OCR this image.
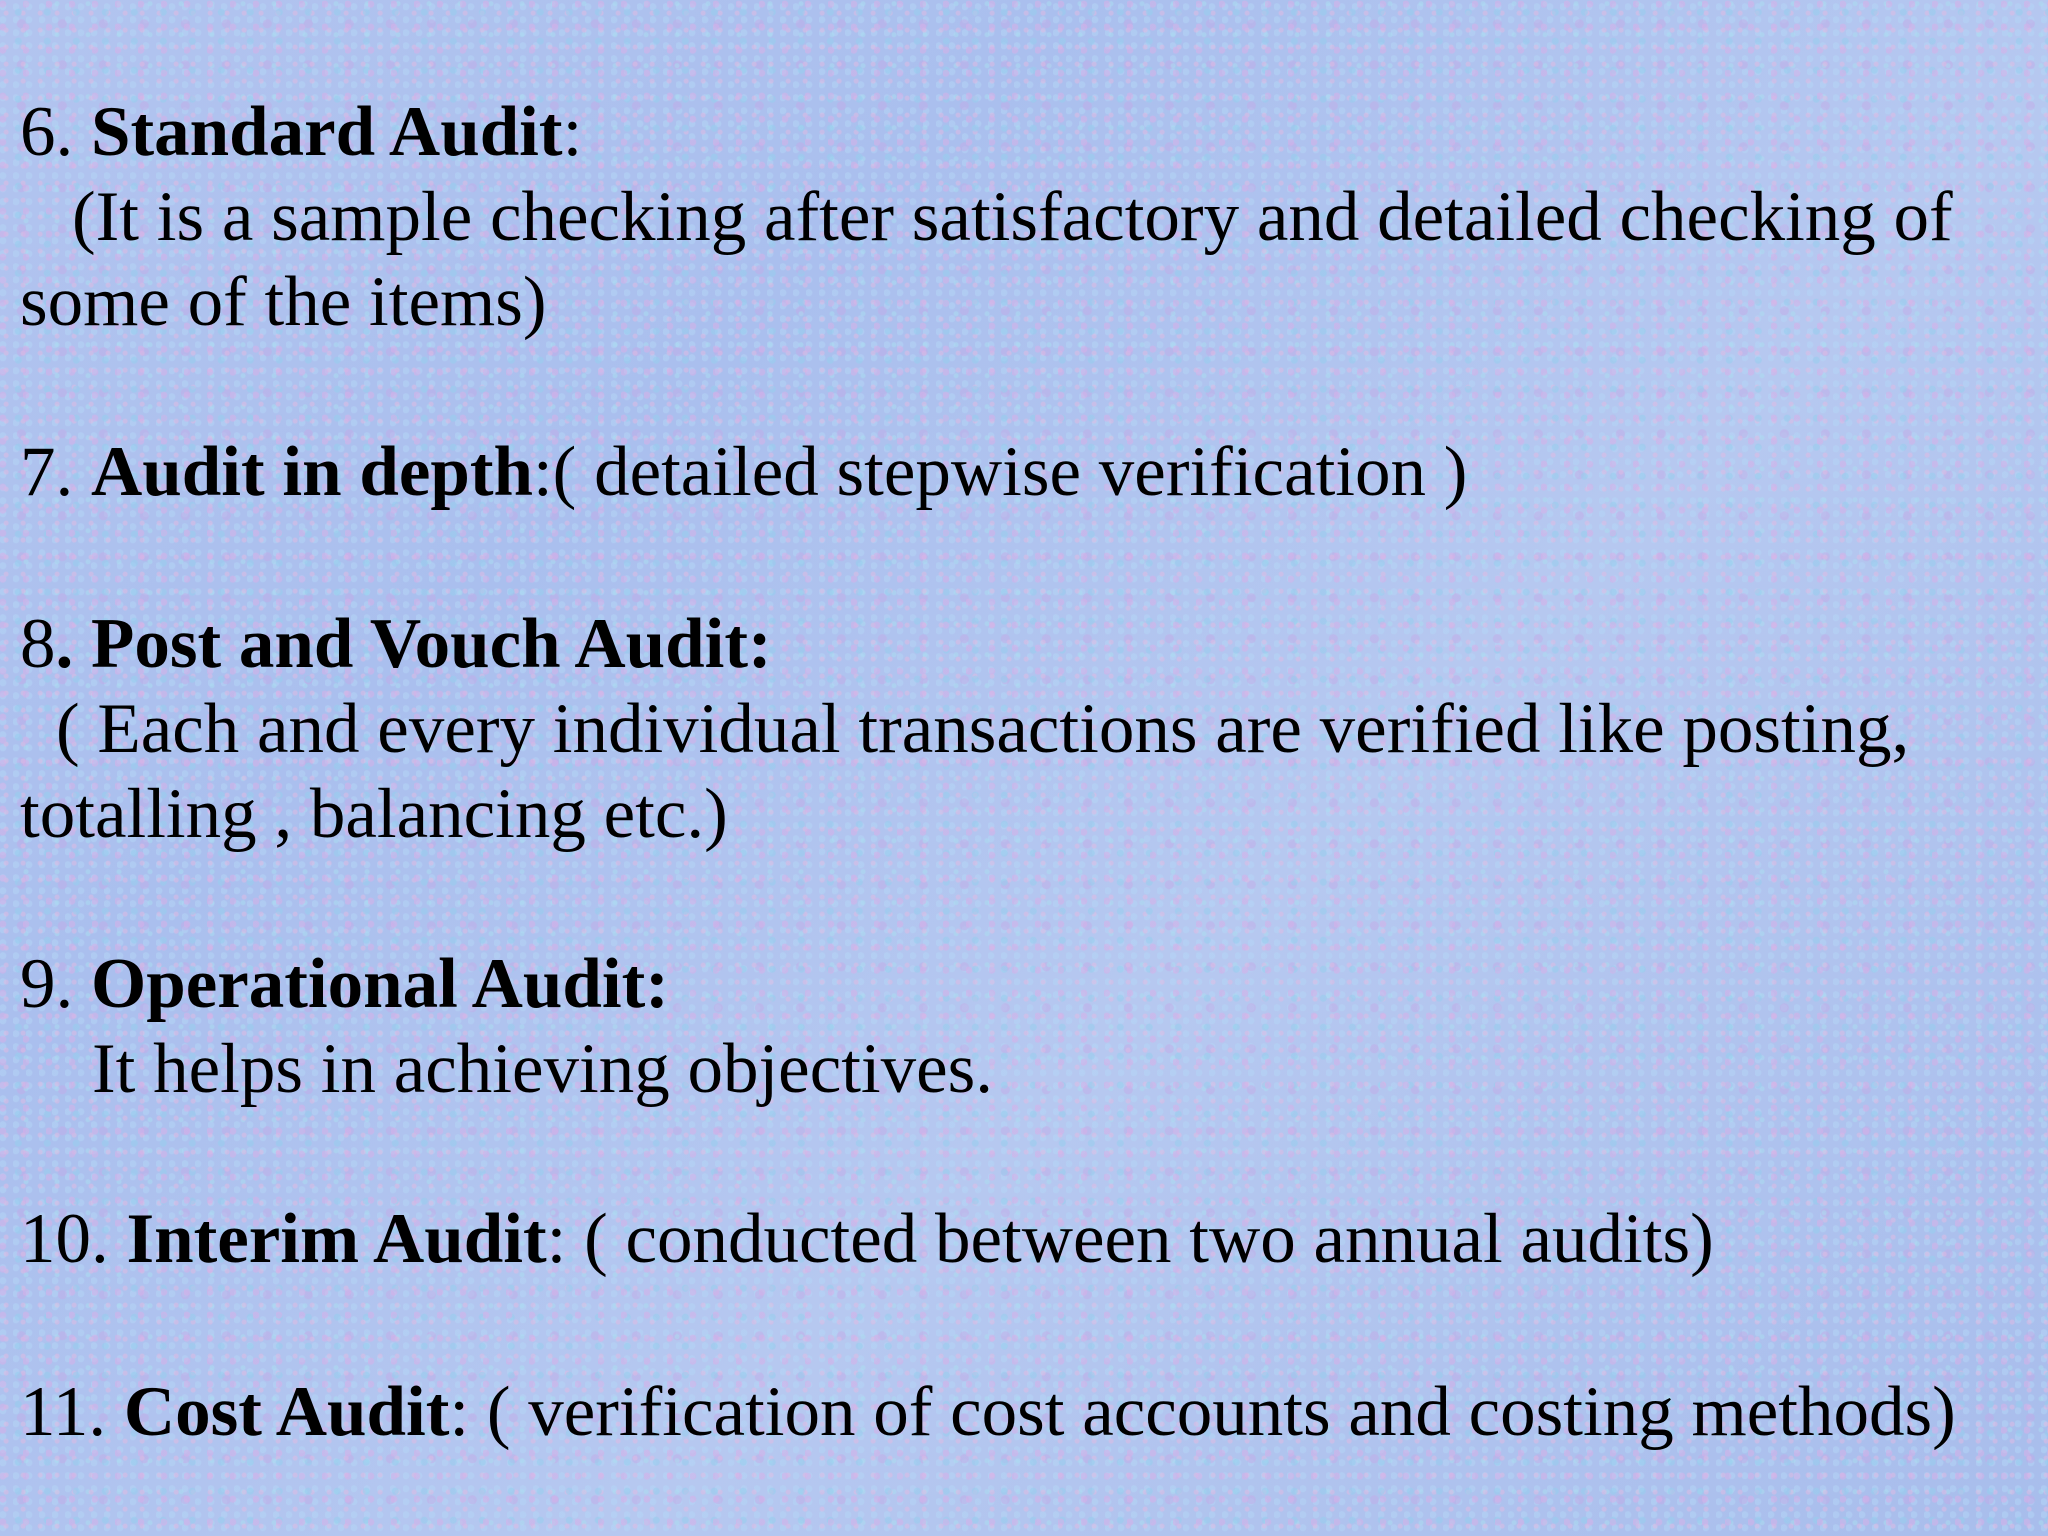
6. Standard Audit:
(It is a sample checking after satisfactory and detailed checking of
some of the items)
7. Audit in depth:( detailed stepwise verification )
8. Post and Vouch Audit:
( Each and every individual transactions are verified like posting,
totalling , balancing etc.)
9. Operational Audit:
It helps in achieving objectives.
10. Interim Audit: ( conducted between two annual audits)
11. Cost Audit: ( verification of cost accounts and costing methods)
